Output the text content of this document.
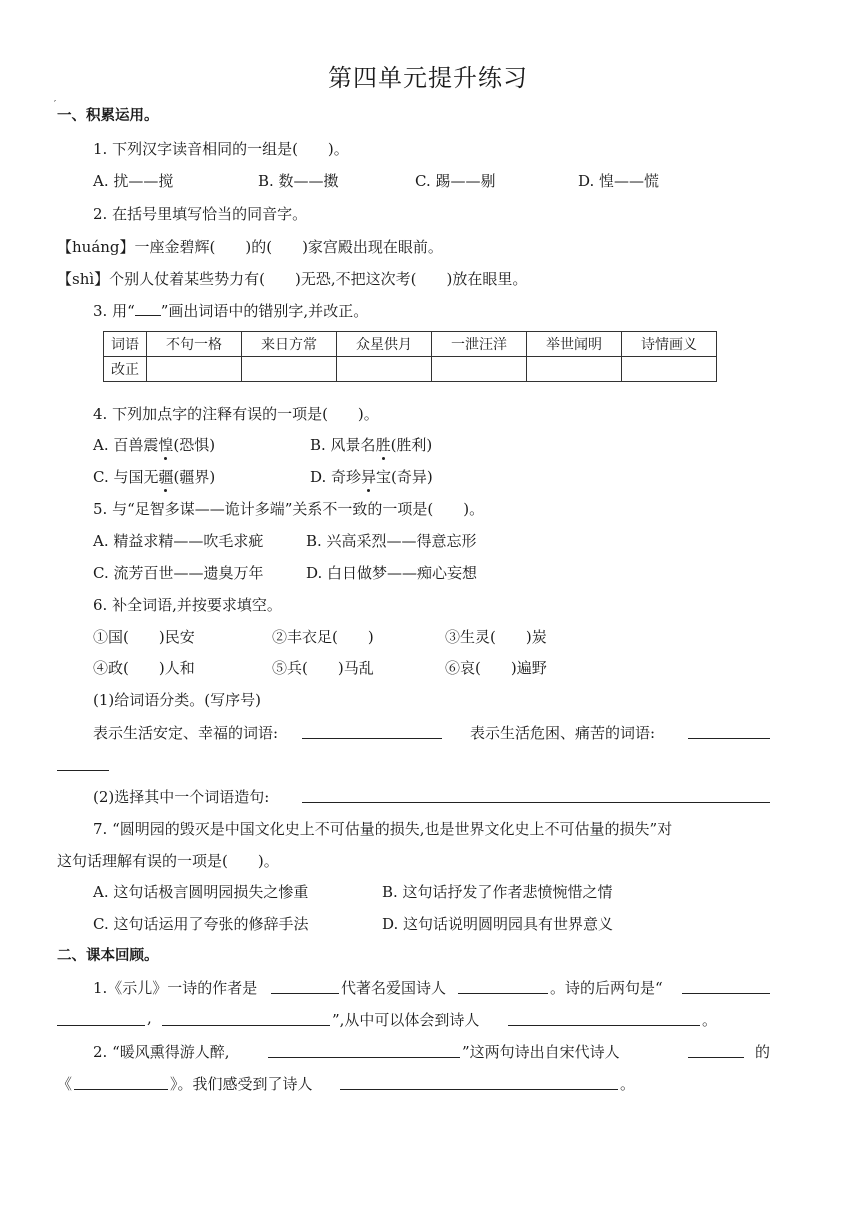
第四单元提升练习
′
一、积累运用。
1. 下列汉字读音相同的一组是(　　)。
A. 扰——搅	B. 数——擞	C. 踢——剔	D. 惶——慌
2. 在括号里填写恰当的同音字。
【huáng】一座金碧辉(　　)的(　　)家宫殿出现在眼前。
【shì】个别人仗着某些势力有(　　)无恐,不把这次考(　　)放在眼里。
3. 用“ ”画出词语中的错别字,并改正。
词语	不句一格	来日方常	众星供月	一泄汪洋	举世闻明	诗情画义
改正						
4. 下列加点字的注释有误的一项是(　　)。
A. 百兽震惶(恐惧)	B. 风景名胜(胜利)
C. 与国无疆(疆界)	D. 奇珍异宝(奇异)
5. 与“足智多谋——诡计多端”关系不一致的一项是(　　)。
A. 精益求精——吹毛求疵	B. 兴高采烈——得意忘形
C. 流芳百世——遗臭万年	D. 白日做梦——痴心妄想
6. 补全词语,并按要求填空。
①国(　　)民安	②丰衣足(　　)	③生灵(　　)炭
④政(　　)人和	⑤兵(　　)马乱	⑥哀(　　)遍野
(1)给词语分类。(写序号)
表示生活安定、幸福的词语:	表示生活危困、痛苦的词语:
(2)选择其中一个词语造句:
7. “圆明园的毁灭是中国文化史上不可估量的损失,也是世界文化史上不可估量的损失”对
这句话理解有误的一项是(　　)。
A. 这句话极言圆明园损失之惨重	B. 这句话抒发了作者悲愤惋惜之情
C. 这句话运用了夸张的修辞手法	D. 这句话说明圆明园具有世界意义
二、课本回顾。
1.《示儿》一诗的作者是	代著名爱国诗人	。诗的后两句是“
,	”,从中可以体会到诗人	。
2. “暖风熏得游人醉,	”这两句诗出自宋代诗人	的
《	》。我们感受到了诗人	。
